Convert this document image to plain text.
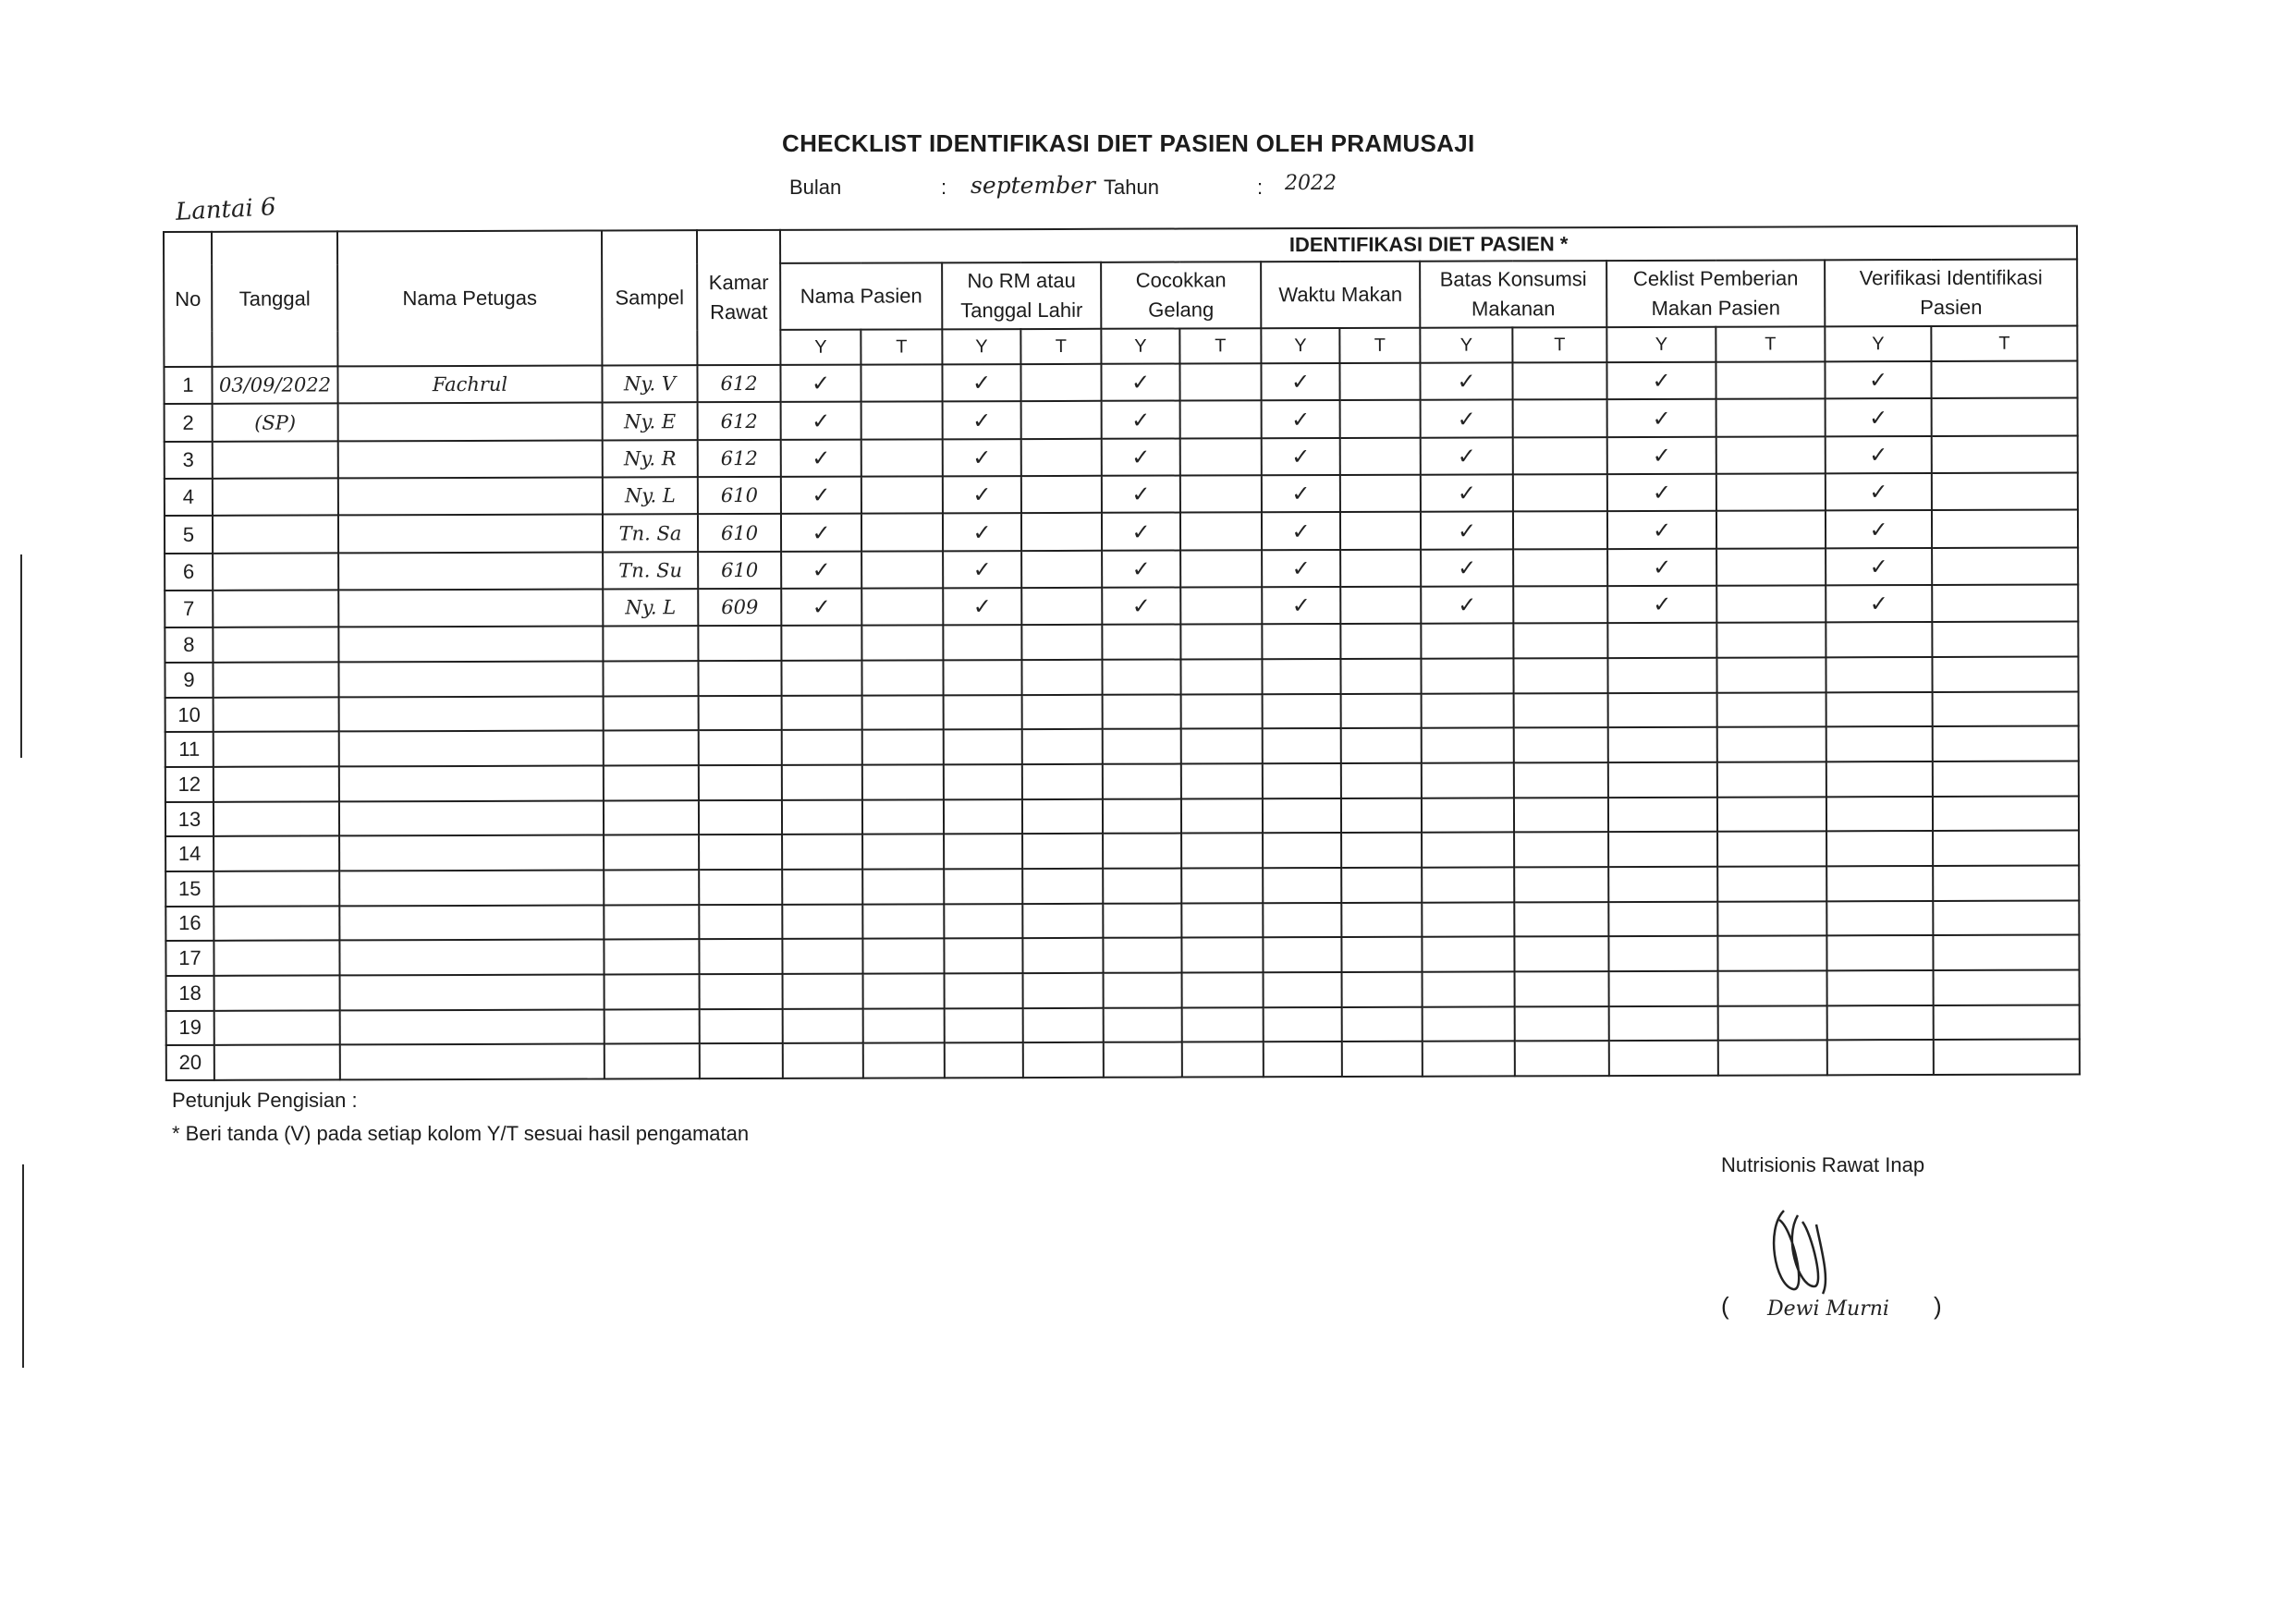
CHECKLIST IDENTIFIKASI DIET PASIEN OLEH PRAMUSAJI
Bulan	: september Tahun	: 2022
Lantai 6
No	Tanggal	Nama Petugas	Sampel	Kamar Rawat	IDENTIFIKASI DIET PASIEN *													
					Nama Pasien		No RM atau Tanggal Lahir		Cocokkan Gelang		Waktu Makan		Batas Konsumsi Makanan		Ceklist Pemberian Makan Pasien		Verifikasi Identifikasi Pasien	
					Y	T	Y	T	Y	T	Y	T	Y	T	Y	T	Y	T
1	03/09/2022	Fachrul	Ny. V	612	✓		✓		✓		✓		✓		✓		✓	
2	(SP)		Ny. E	612	✓		✓		✓		✓		✓		✓		✓	
3			Ny. R	612	✓		✓		✓		✓		✓		✓		✓	
4			Ny. L	610	✓		✓		✓		✓		✓		✓		✓	
5			Tn. Sa	610	✓		✓		✓		✓		✓		✓		✓	
6			Tn. Su	610	✓		✓		✓		✓		✓		✓		✓	
7			Ny. L	609	✓		✓		✓		✓		✓		✓		✓	
8																		
9																		
10																		
11																		
12																		
13																		
14																		
15																		
16																		
17																		
18																		
19																		
20																		
Petunjuk Pengisian :
* Beri tanda (V) pada setiap kolom Y/T sesuai hasil pengamatan
Nutrisionis Rawat Inap
( Dewi Murni )
